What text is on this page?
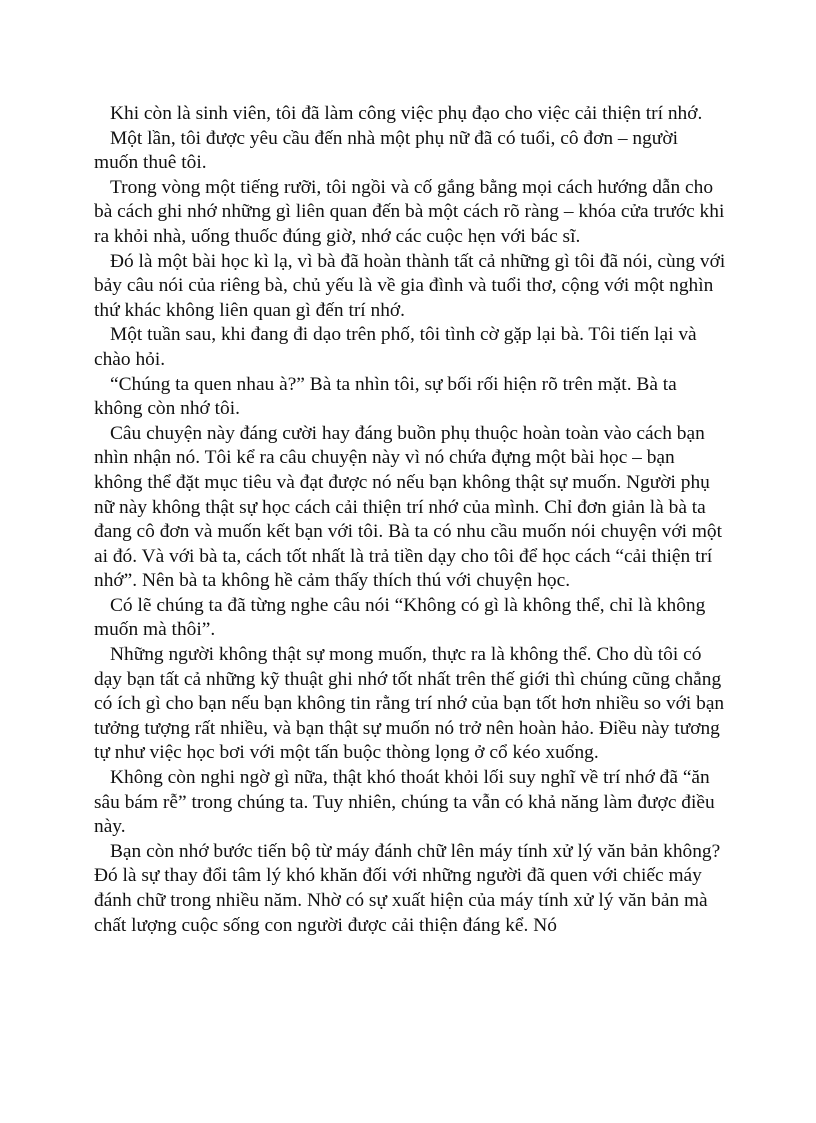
Khi còn là sinh viên, tôi đã làm công việc phụ đạo cho việc cải thiện trí nhớ.

Một lần, tôi được yêu cầu đến nhà một phụ nữ đã có tuổi, cô đơn – người muốn thuê tôi.

Trong vòng một tiếng rưỡi, tôi ngồi và cố gắng bằng mọi cách hướng dẫn cho bà cách ghi nhớ những gì liên quan đến bà một cách rõ ràng – khóa cửa trước khi ra khỏi nhà, uống thuốc đúng giờ, nhớ các cuộc hẹn với bác sĩ.

Đó là một bài học kì lạ, vì bà đã hoàn thành tất cả những gì tôi đã nói, cùng với bảy câu nói của riêng bà, chủ yếu là về gia đình và tuổi thơ, cộng với một nghìn thứ khác không liên quan gì đến trí nhớ.

Một tuần sau, khi đang đi dạo trên phố, tôi tình cờ gặp lại bà. Tôi tiến lại và chào hỏi.

“Chúng ta quen nhau à?” Bà ta nhìn tôi, sự bối rối hiện rõ trên mặt. Bà ta không còn nhớ tôi.

Câu chuyện này đáng cười hay đáng buồn phụ thuộc hoàn toàn vào cách bạn nhìn nhận nó. Tôi kể ra câu chuyện này vì nó chứa đựng một bài học – bạn không thể đặt mục tiêu và đạt được nó nếu bạn không thật sự muốn. Người phụ nữ này không thật sự học cách cải thiện trí nhớ của mình. Chỉ đơn giản là bà ta đang cô đơn và muốn kết bạn với tôi. Bà ta có nhu cầu muốn nói chuyện với một ai đó. Và với bà ta, cách tốt nhất là trả tiền dạy cho tôi để học cách “cải thiện trí nhớ”. Nên bà ta không hề cảm thấy thích thú với chuyện học.

Có lẽ chúng ta đã từng nghe câu nói “Không có gì là không thể, chỉ là không muốn mà thôi”.

Những người không thật sự mong muốn, thực ra là không thể. Cho dù tôi có dạy bạn tất cả những kỹ thuật ghi nhớ tốt nhất trên thế giới thì chúng cũng chẳng có ích gì cho bạn nếu bạn không tin rằng trí nhớ của bạn tốt hơn nhiều so với bạn tưởng tượng rất nhiều, và bạn thật sự muốn nó trở nên hoàn hảo. Điều này tương tự như việc học bơi với một tấn buộc thòng lọng ở cổ kéo xuống.

Không còn nghi ngờ gì nữa, thật khó thoát khỏi lối suy nghĩ về trí nhớ đã “ăn sâu bám rễ” trong chúng ta. Tuy nhiên, chúng ta vẫn có khả năng làm được điều này.

Bạn còn nhớ bước tiến bộ từ máy đánh chữ lên máy tính xử lý văn bản không? Đó là sự thay đổi tâm lý khó khăn đối với những người đã quen với chiếc máy đánh chữ trong nhiều năm. Nhờ có sự xuất hiện của máy tính xử lý văn bản mà chất lượng cuộc sống con người được cải thiện đáng kể. Nó
